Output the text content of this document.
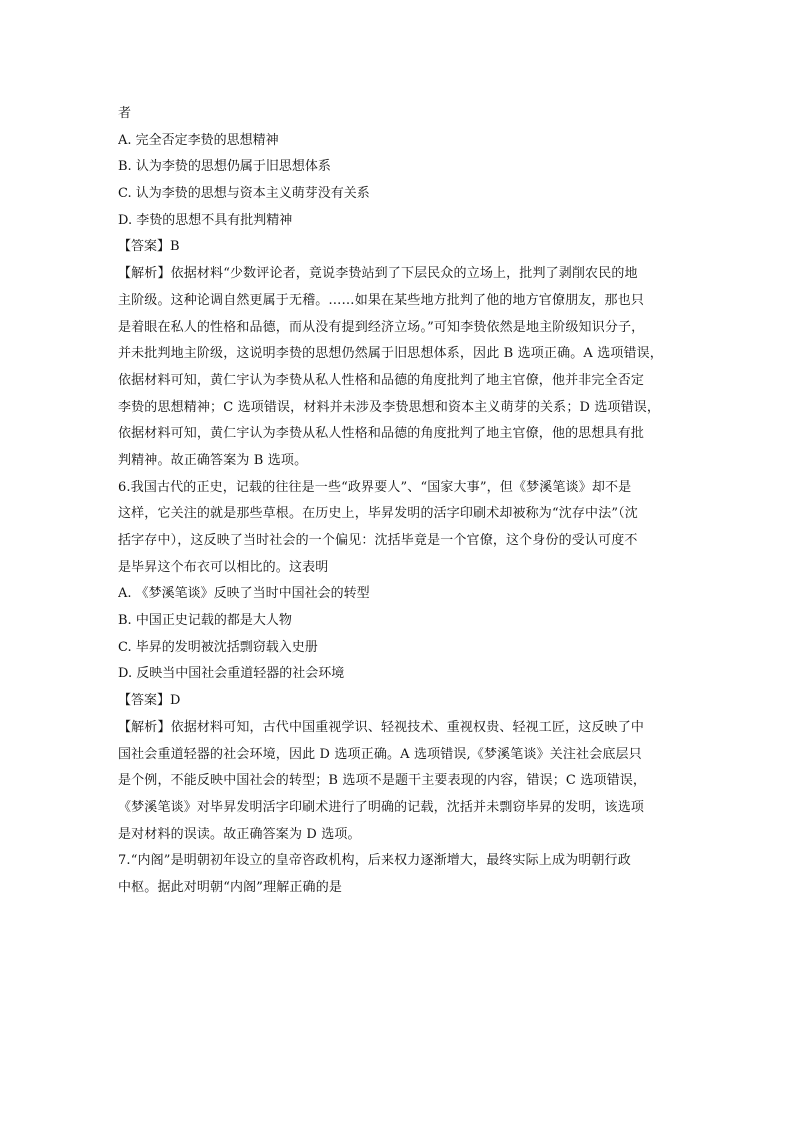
者
A. 完全否定李贽的思想精神
B. 认为李贽的思想仍属于旧思想体系
C. 认为李贽的思想与资本主义萌芽没有关系
D. 李贽的思想不具有批判精神
【答案】B
【解析】依据材料“少数评论者，竟说李贽站到了下层民众的立场上，批判了剥削农民的地
主阶级。这种论调自然更属于无稽。……如果在某些地方批判了他的地方官僚朋友，那也只
是着眼在私人的性格和品德，而从没有提到经济立场。”可知李贽依然是地主阶级知识分子，
并未批判地主阶级，这说明李贽的思想仍然属于旧思想体系，因此 B 选项正确。A 选项错误，
依据材料可知，黄仁宇认为李贽从私人性格和品德的角度批判了地主官僚，他并非完全否定
李贽的思想精神；C 选项错误，材料并未涉及李贽思想和资本主义萌芽的关系；D 选项错误，
依据材料可知，黄仁宇认为李贽从私人性格和品德的角度批判了地主官僚，他的思想具有批
判精神。故正确答案为 B 选项。
6.我国古代的正史，记载的往往是一些“政界要人”、“国家大事”，但《梦溪笔谈》却不是
这样，它关注的就是那些草根。在历史上，毕昇发明的活字印刷术却被称为“沈存中法”（沈
括字存中），这反映了当时社会的一个偏见：沈括毕竟是一个官僚，这个身份的受认可度不
是毕昇这个布衣可以相比的。这表明
A. 《梦溪笔谈》反映了当时中国社会的转型
B. 中国正史记载的都是大人物
C. 毕昇的发明被沈括剽窃载入史册
D. 反映当中国社会重道轻器的社会环境
【答案】D
【解析】依据材料可知，古代中国重视学识、轻视技术、重视权贵、轻视工匠，这反映了中
国社会重道轻器的社会环境，因此 D 选项正确。A 选项错误,《梦溪笔谈》关注社会底层只
是个例，不能反映中国社会的转型；B 选项不是题干主要表现的内容，错误；C 选项错误，
《梦溪笔谈》对毕昇发明活字印刷术进行了明确的记载，沈括并未剽窃毕昇的发明，该选项
是对材料的误读。故正确答案为 D 选项。
7.“内阁”是明朝初年设立的皇帝咨政机构，后来权力逐渐增大，最终实际上成为明朝行政
中枢。据此对明朝“内阁”理解正确的是
